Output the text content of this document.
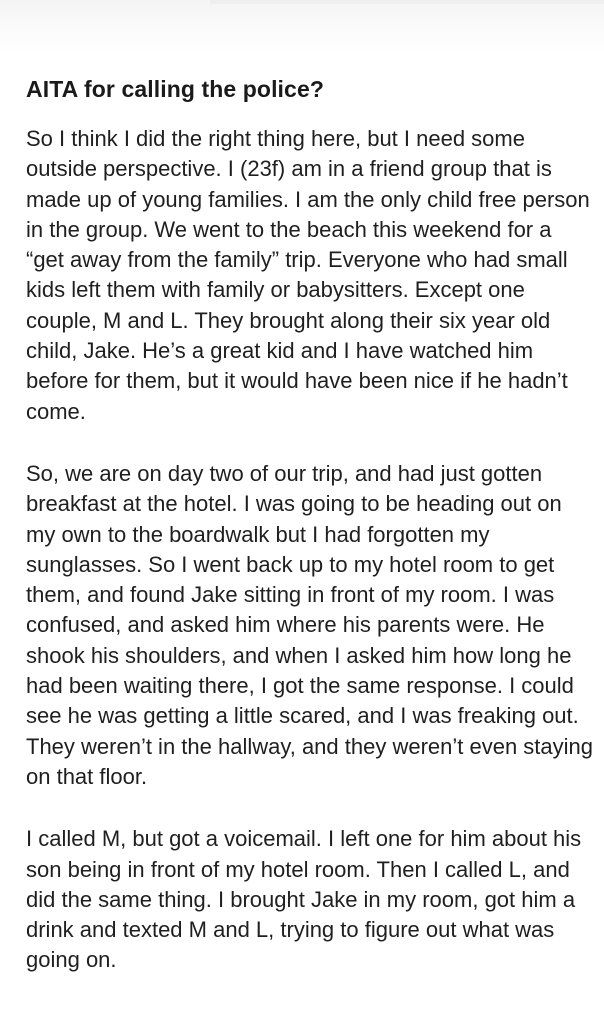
AITA for calling the police?

So I think I did the right thing here, but I need some outside perspective. I (23f) am in a friend group that is made up of young families. I am the only child free person in the group. We went to the beach this weekend for a “get away from the family” trip. Everyone who had small kids left them with family or babysitters. Except one couple, M and L. They brought along their six year old child, Jake. He’s a great kid and I have watched him before for them, but it would have been nice if he hadn’t come.

So, we are on day two of our trip, and had just gotten breakfast at the hotel. I was going to be heading out on my own to the boardwalk but I had forgotten my sunglasses. So I went back up to my hotel room to get them, and found Jake sitting in front of my room. I was confused, and asked him where his parents were. He shook his shoulders, and when I asked him how long he had been waiting there, I got the same response. I could see he was getting a little scared, and I was freaking out. They weren’t in the hallway, and they weren’t even staying on that floor.

I called M, but got a voicemail. I left one for him about his son being in front of my hotel room. Then I called L, and did the same thing. I brought Jake in my room, got him a drink and texted M and L, trying to figure out what was going on.
